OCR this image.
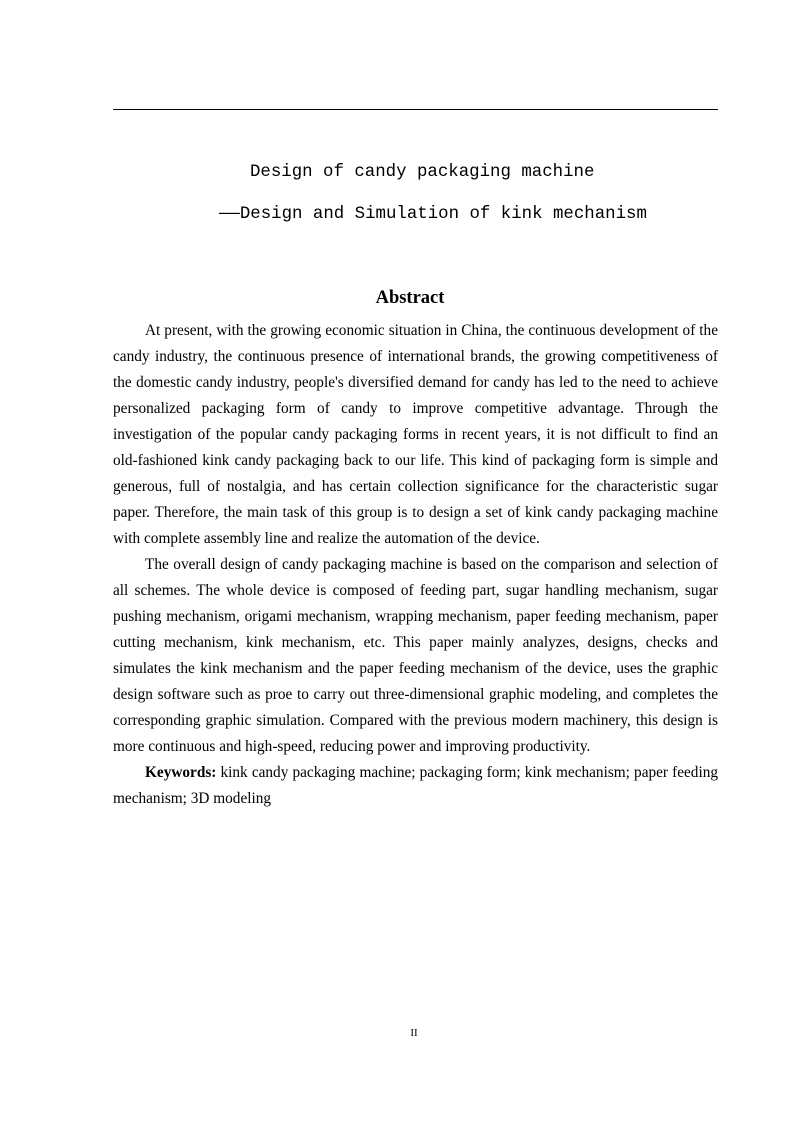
Design of candy packaging machine
——Design and Simulation of kink mechanism
Abstract

At present, with the growing economic situation in China, the continuous development of the candy industry, the continuous presence of international brands, the growing competitiveness of the domestic candy industry, people's diversified demand for candy has led to the need to achieve personalized packaging form of candy to improve competitive advantage. Through the investigation of the popular candy packaging forms in recent years, it is not difficult to find an old-fashioned kink candy packaging back to our life. This kind of packaging form is simple and generous, full of nostalgia, and has certain collection significance for the characteristic sugar paper. Therefore, the main task of this group is to design a set of kink candy packaging machine with complete assembly line and realize the automation of the device.

The overall design of candy packaging machine is based on the comparison and selection of all schemes. The whole device is composed of feeding part, sugar handling mechanism, sugar pushing mechanism, origami mechanism, wrapping mechanism, paper feeding mechanism, paper cutting mechanism, kink mechanism, etc. This paper mainly analyzes, designs, checks and simulates the kink mechanism and the paper feeding mechanism of the device, uses the graphic design software such as proe to carry out three-dimensional graphic modeling, and completes the corresponding graphic simulation. Compared with the previous modern machinery, this design is more continuous and high-speed, reducing power and improving productivity.

Keywords: kink candy packaging machine; packaging form; kink mechanism; paper feeding mechanism; 3D modeling

II
